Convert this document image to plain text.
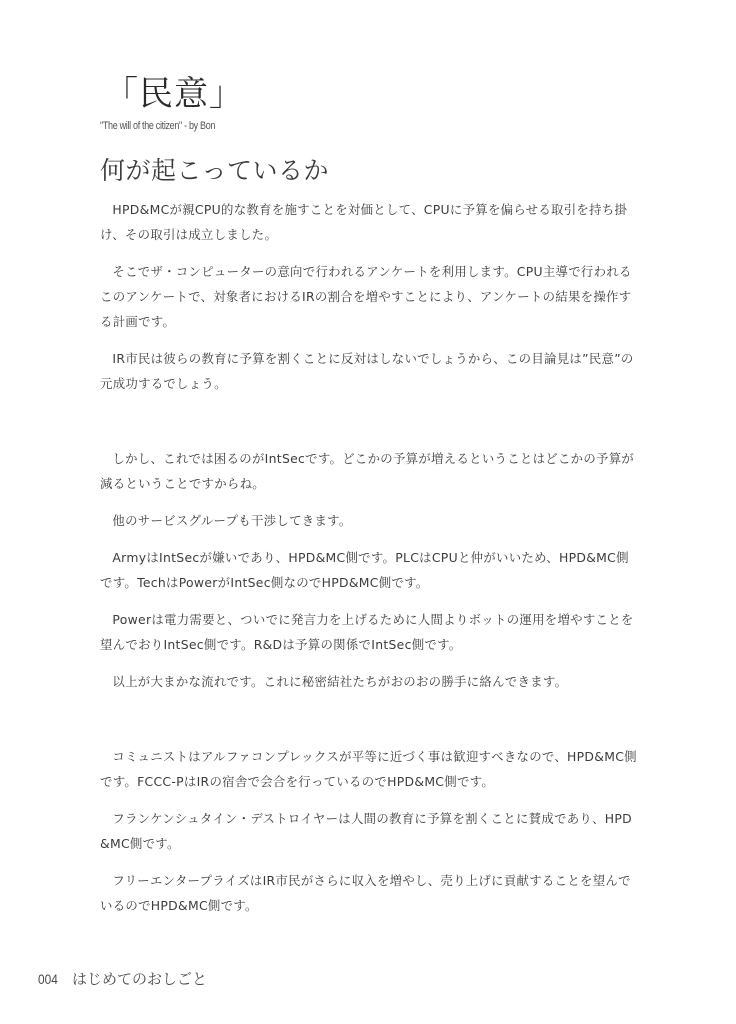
「民意」

"The will of the citizen" - by Bon

何が起こっているか

HPD&MCが親CPU的な教育を施すことを対価として、CPUに予算を偏らせる取引を持ち掛け、その取引は成立しました。

そこでザ・コンピューターの意向で行われるアンケートを利用します。CPU主導で行われるこのアンケートで、対象者におけるIRの割合を増やすことにより、アンケートの結果を操作する計画です。

IR市民は彼らの教育に予算を割くことに反対はしないでしょうから、この目論見は”民意”の元成功するでしょう。

しかし、これでは困るのがIntSecです。どこかの予算が増えるということはどこかの予算が減るということですからね。

他のサービスグループも干渉してきます。

ArmyはIntSecが嫌いであり、HPD&MC側です。PLCはCPUと仲がいいため、HPD&MC側です。TechはPowerがIntSec側なのでHPD&MC側です。

Powerは電力需要と、ついでに発言力を上げるために人間よりボットの運用を増やすことを望んでおりIntSec側です。R&Dは予算の関係でIntSec側です。

以上が大まかな流れです。これに秘密結社たちがおのおの勝手に絡んできます。

コミュニストはアルファコンプレックスが平等に近づく事は歓迎すべきなので、HPD&MC側です。FCCC-PはIRの宿舎で会合を行っているのでHPD&MC側です。

フランケンシュタイン・デストロイヤーは人間の教育に予算を割くことに賛成であり、HPD&MC側です。

フリーエンタープライズはIR市民がさらに収入を増やし、売り上げに貢献することを望んでいるのでHPD&MC側です。

004 はじめてのおしごと
